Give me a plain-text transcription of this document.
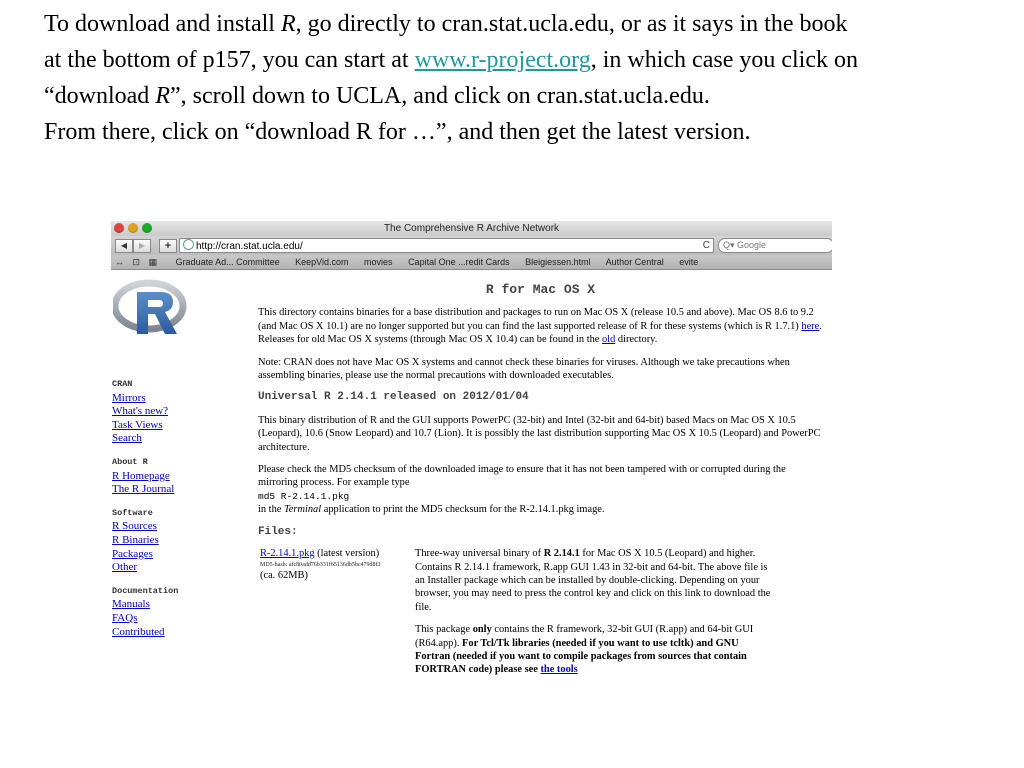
To download and install R, go directly to cran.stat.ucla.edu, or as it says in the book

at the bottom of p157, you can start at www.r-project.org, in which case you click on

“download R”, scroll down to UCLA, and click on cran.stat.ucla.edu.

From there, click on “download R for …”, and then get the latest version.

The Comprehensive R Archive Network
◀	▶	+	http://cran.stat.ucla.edu/	C	Q▾ Google
↔ ⊡ ▦ Graduate Ad... Committee KeepVid.com movies Capital One ...redit Cards Bleigiessen.html Author Central evite
CRAN
Mirrors
What's new?
Task Views
Search
About R
R Homepage
The R Journal
Software
R Sources
R Binaries
Packages
Other
Documentation
Manuals
FAQs
Contributed
R for Mac OS X

This directory contains binaries for a base distribution and packages to run on Mac OS X (release 10.5 and above). Mac OS 8.6 to 9.2 (and Mac OS X 10.1) are no longer supported but you can find the last supported release of R for these systems (which is R 1.7.1) here. Releases for old Mac OS X systems (through Mac OS X 10.4) can be found in the old directory.

Note: CRAN does not have Mac OS X systems and cannot check these binaries for viruses. Although we take precautions when assembling binaries, please use the normal precautions with downloaded executables.

Universal R 2.14.1 released on 2012/01/04

This binary distribution of R and the GUI supports PowerPC (32-bit) and Intel (32-bit and 64-bit) based Macs on Mac OS X 10.5 (Leopard), 10.6 (Snow Leopard) and 10.7 (Lion). It is possibly the last distribution supporting Mac OS X 10.5 (Leopard) and PowerPC architecture.

Please check the MD5 checksum of the downloaded image to ensure that it has not been tampered with or corrupted during the mirroring process. For example type
md5 R-2.14.1.pkg
in the Terminal application to print the MD5 checksum for the R-2.14.1.pkg image.

Files:
R-2.14.1.pkg (latest version)
MD5-hash: afc80add76b331f65136db5bc479d8f3
(ca. 62MB)

Three-way universal binary of R 2.14.1 for Mac OS X 10.5 (Leopard) and higher. Contains R 2.14.1 framework, R.app GUI 1.43 in 32-bit and 64-bit. The above file is an Installer package which can be installed by double-clicking. Depending on your browser, you may need to press the control key and click on this link to download the file.

This package only contains the R framework, 32-bit GUI (R.app) and 64-bit GUI (R64.app). For Tcl/Tk libraries (needed if you want to use tcltk) and GNU Fortran (needed if you want to compile packages from sources that contain FORTRAN code) please see the tools
